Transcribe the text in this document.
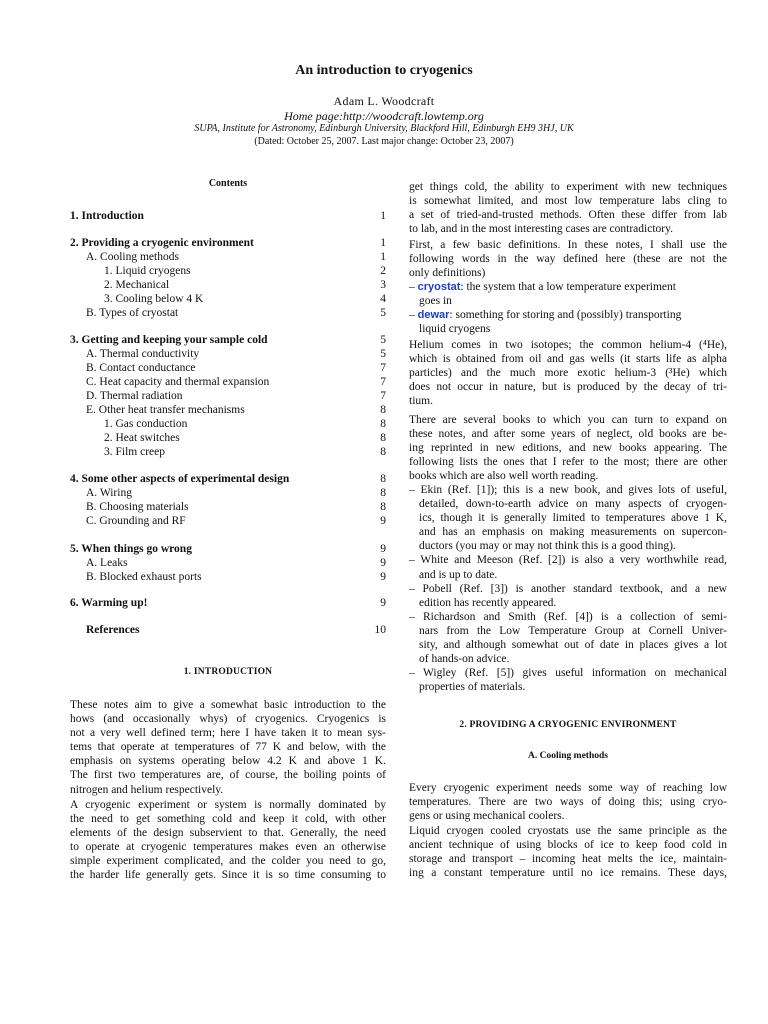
An introduction to cryogenics
Adam L. Woodcraft
Home page:http://woodcraft.lowtemp.org
SUPA, Institute for Astronomy, Edinburgh University, Blackford Hill, Edinburgh EH9 3HJ, UK
(Dated: October 25, 2007. Last major change: October 23, 2007)
Contents
1. Introduction	1
2. Providing a cryogenic environment	1
A. Cooling methods	1
1. Liquid cryogens	2
2. Mechanical	3
3. Cooling below 4 K	4
B. Types of cryostat	5
3. Getting and keeping your sample cold	5
A. Thermal conductivity	5
B. Contact conductance	7
C. Heat capacity and thermal expansion	7
D. Thermal radiation	7
E. Other heat transfer mechanisms	8
1. Gas conduction	8
2. Heat switches	8
3. Film creep	8
4. Some other aspects of experimental design	8
A. Wiring	8
B. Choosing materials	8
C. Grounding and RF	9
5. When things go wrong	9
A. Leaks	9
B. Blocked exhaust ports	9
6. Warming up!	9
References	10
1. INTRODUCTION
These notes aim to give a somewhat basic introduction to the
hows (and occasionally whys) of cryogenics. Cryogenics is
not a very well defined term; here I have taken it to mean sys-
tems that operate at temperatures of 77 K and below, with the
emphasis on systems operating below 4.2 K and above 1 K.
The first two temperatures are, of course, the boiling points of
nitrogen and helium respectively.
A cryogenic experiment or system is normally dominated by
the need to get something cold and keep it cold, with other
elements of the design subservient to that. Generally, the need
to operate at cryogenic temperatures makes even an otherwise
simple experiment complicated, and the colder you need to go,
the harder life generally gets. Since it is so time consuming to
get things cold, the ability to experiment with new techniques
is somewhat limited, and most low temperature labs cling to
a set of tried-and-trusted methods. Often these differ from lab
to lab, and in the most interesting cases are contradictory.
First, a few basic definitions. In these notes, I shall use the
following words in the way defined here (these are not the
only definitions)
– cryostat: the system that a low temperature experiment
goes in
– dewar: something for storing and (possibly) transporting
liquid cryogens
Helium comes in two isotopes; the common helium-4 (⁴He),
which is obtained from oil and gas wells (it starts life as alpha
particles) and the much more exotic helium-3 (³He) which
does not occur in nature, but is produced by the decay of tri-
tium.
There are several books to which you can turn to expand on
these notes, and after some years of neglect, old books are be-
ing reprinted in new editions, and new books appearing. The
following lists the ones that I refer to the most; there are other
books which are also well worth reading.
– Ekin (Ref. [1]); this is a new book, and gives lots of useful,
detailed, down-to-earth advice on many aspects of cryogen-
ics, though it is generally limited to temperatures above 1 K,
and has an emphasis on making measurements on supercon-
ductors (you may or may not think this is a good thing).
– White and Meeson (Ref. [2]) is also a very worthwhile read,
and is up to date.
– Pobell (Ref. [3]) is another standard textbook, and a new
edition has recently appeared.
– Richardson and Smith (Ref. [4]) is a collection of semi-
nars from the Low Temperature Group at Cornell Univer-
sity, and although somewhat out of date in places gives a lot
of hands-on advice.
– Wigley (Ref. [5]) gives useful information on mechanical
properties of materials.
2. PROVIDING A CRYOGENIC ENVIRONMENT
A. Cooling methods
Every cryogenic experiment needs some way of reaching low
temperatures. There are two ways of doing this; using cryo-
gens or using mechanical coolers.
Liquid cryogen cooled cryostats use the same principle as the
ancient technique of using blocks of ice to keep food cold in
storage and transport – incoming heat melts the ice, maintain-
ing a constant temperature until no ice remains. These days,
